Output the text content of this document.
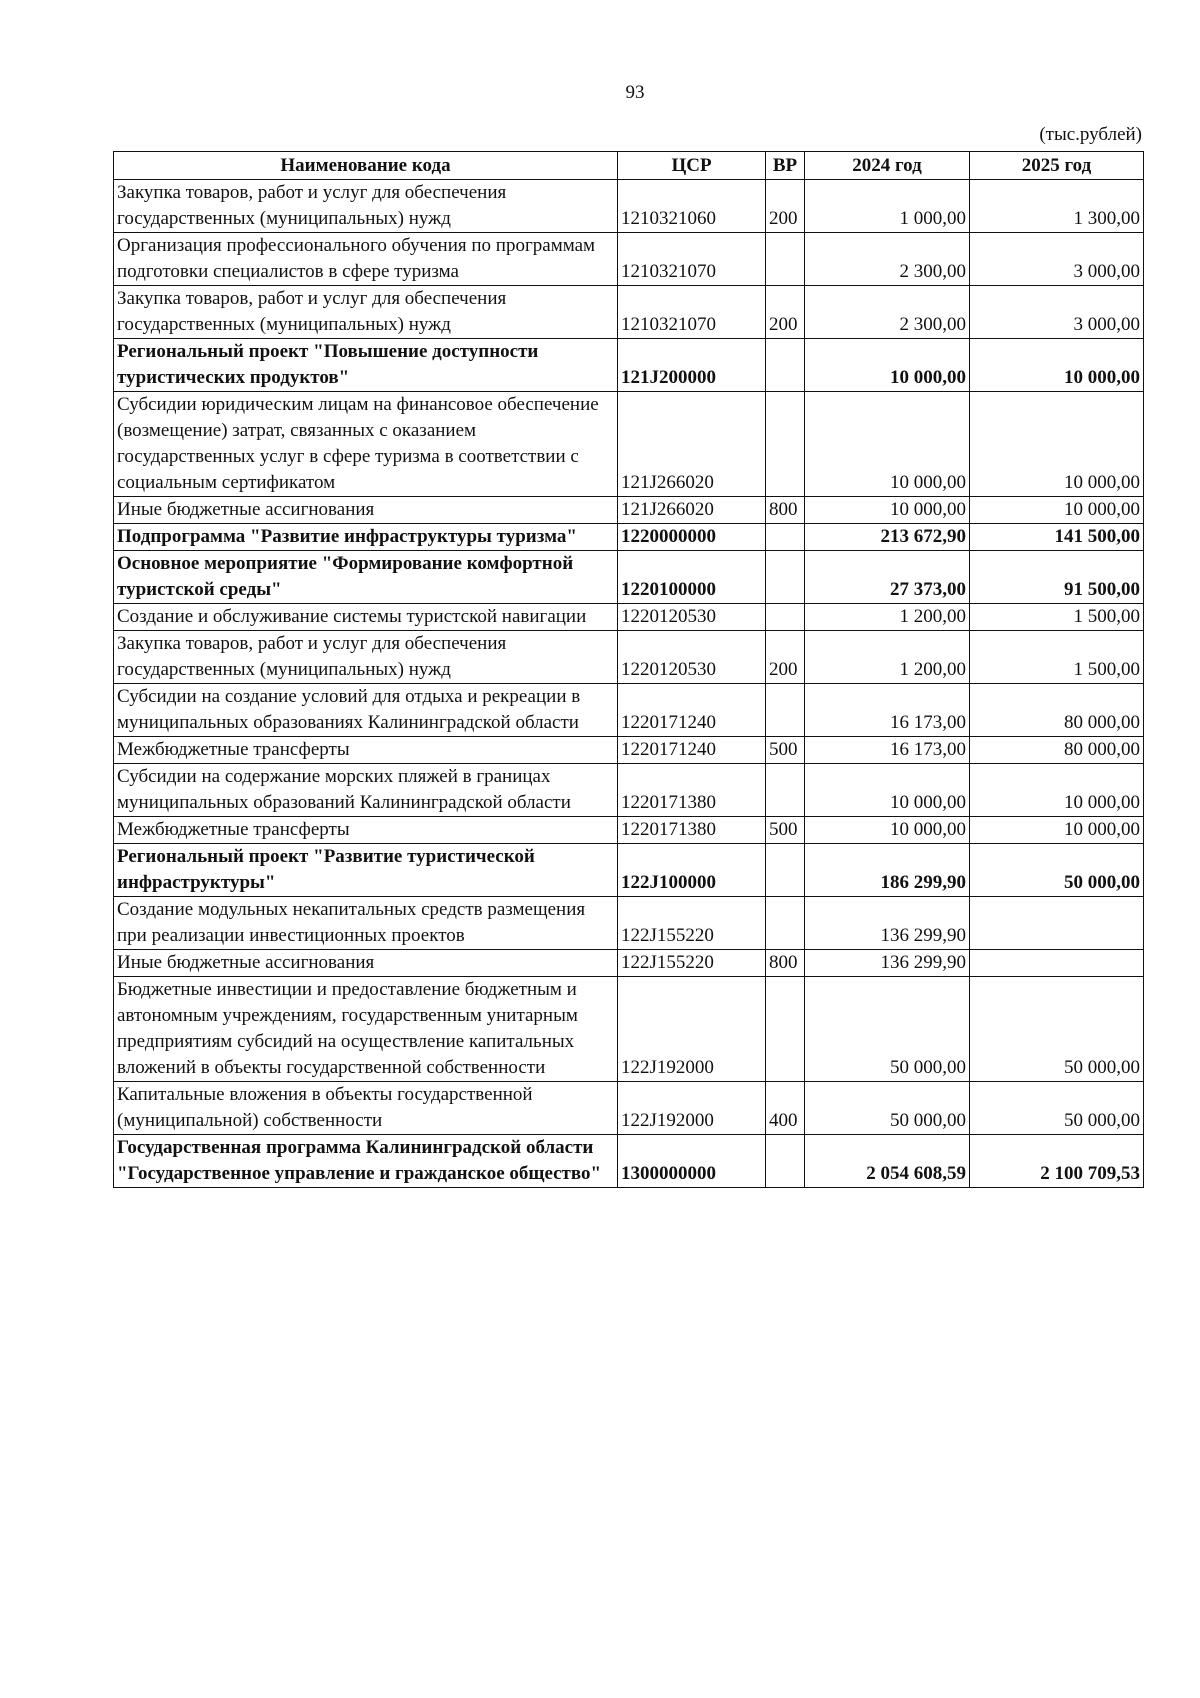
93
(тыс.рублей)
Наименование кода	ЦСР	ВР	2024 год	2025 год
Закупка товаров, работ и услуг для обеспечения государственных (муниципальных) нужд	1210321060	200	1 000,00	1 300,00
Организация профессионального обучения по программам подготовки специалистов в сфере туризма	1210321070		2 300,00	3 000,00
Закупка товаров, работ и услуг для обеспечения государственных (муниципальных) нужд	1210321070	200	2 300,00	3 000,00
Региональный проект "Повышение доступности туристических продуктов"	121J200000		10 000,00	10 000,00
Субсидии юридическим лицам на финансовое обеспечение (возмещение) затрат, связанных с оказанием государственных услуг в сфере туризма в соответствии с социальным сертификатом	121J266020		10 000,00	10 000,00
Иные бюджетные ассигнования	121J266020	800	10 000,00	10 000,00
Подпрограмма "Развитие инфраструктуры туризма"	1220000000		213 672,90	141 500,00
Основное мероприятие "Формирование комфортной туристской среды"	1220100000		27 373,00	91 500,00
Создание и обслуживание системы туристской навигации	1220120530		1 200,00	1 500,00
Закупка товаров, работ и услуг для обеспечения государственных (муниципальных) нужд	1220120530	200	1 200,00	1 500,00
Субсидии на создание условий для отдыха и рекреации в муниципальных образованиях Калининградской области	1220171240		16 173,00	80 000,00
Межбюджетные трансферты	1220171240	500	16 173,00	80 000,00
Субсидии на содержание морских пляжей в границах муниципальных образований Калининградской области	1220171380		10 000,00	10 000,00
Межбюджетные трансферты	1220171380	500	10 000,00	10 000,00
Региональный проект "Развитие туристической инфраструктуры"	122J100000		186 299,90	50 000,00
Создание модульных некапитальных средств размещения при реализации инвестиционных проектов	122J155220		136 299,90	
Иные бюджетные ассигнования	122J155220	800	136 299,90	
Бюджетные инвестиции и предоставление бюджетным и автономным учреждениям, государственным унитарным предприятиям субсидий на осуществление капитальных вложений в объекты государственной собственности	122J192000		50 000,00	50 000,00
Капитальные вложения в объекты государственной (муниципальной) собственности	122J192000	400	50 000,00	50 000,00
Государственная программа Калининградской области "Государственное управление и гражданское общество"	1300000000		2 054 608,59	2 100 709,53
